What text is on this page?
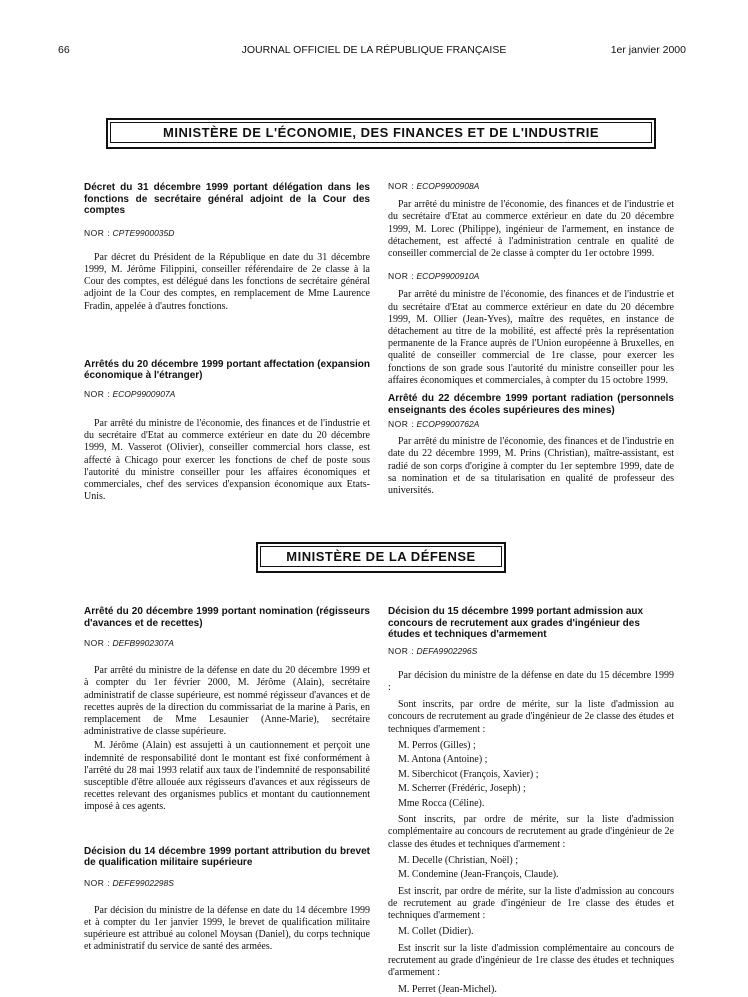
66	JOURNAL OFFICIEL DE LA RÉPUBLIQUE FRANÇAISE	1er janvier 2000
MINISTÈRE DE L'ÉCONOMIE, DES FINANCES ET DE L'INDUSTRIE

Décret du 31 décembre 1999 portant délégation dans les fonctions de secrétaire général adjoint de la Cour des comptes

NOR : CPTE9900035D

Par décret du Président de la République en date du 31 décembre 1999, M. Jérôme Filippini, conseiller référendaire de 2e classe à la Cour des comptes, est délégué dans les fonctions de secrétaire général adjoint de la Cour des comptes, en remplacement de Mme Laurence Fradin, appelée à d'autres fonctions.

Arrêtés du 20 décembre 1999 portant affectation (expansion économique à l'étranger)

NOR : ECOP9900907A

Par arrêté du ministre de l'économie, des finances et de l'industrie et du secrétaire d'Etat au commerce extérieur en date du 20 décembre 1999, M. Vasserot (Olivier), conseiller commercial hors classe, est affecté à Chicago pour exercer les fonctions de chef de poste sous l'autorité du ministre conseiller pour les affaires économiques et commerciales, chef des services d'expansion économique aux Etats-Unis.

NOR : ECOP9900908A

Par arrêté du ministre de l'économie, des finances et de l'industrie et du secrétaire d'Etat au commerce extérieur en date du 20 décembre 1999, M. Lorec (Philippe), ingénieur de l'armement, en instance de détachement, est affecté à l'administration centrale en qualité de conseiller commercial de 2e classe à compter du 1er octobre 1999.

NOR : ECOP9900910A

Par arrêté du ministre de l'économie, des finances et de l'industrie et du secrétaire d'Etat au commerce extérieur en date du 20 décembre 1999, M. Ollier (Jean-Yves), maître des requêtes, en instance de détachement au titre de la mobilité, est affecté près la représentation permanente de la France auprès de l'Union européenne à Bruxelles, en qualité de conseiller commercial de 1re classe, pour exercer les fonctions de son grade sous l'autorité du ministre conseiller pour les affaires économiques et commerciales, à compter du 15 octobre 1999.

Arrêté du 22 décembre 1999 portant radiation (personnels enseignants des écoles supérieures des mines)

NOR : ECOP9900762A

Par arrêté du ministre de l'économie, des finances et de l'industrie en date du 22 décembre 1999, M. Prins (Christian), maître-assistant, est radié de son corps d'origine à compter du 1er septembre 1999, date de sa nomination et de sa titularisation en qualité de professeur des universités.

MINISTÈRE DE LA DÉFENSE

Arrêté du 20 décembre 1999 portant nomination (régisseurs d'avances et de recettes)

NOR : DEFB9902307A

Par arrêté du ministre de la défense en date du 20 décembre 1999 et à compter du 1er février 2000, M. Jérôme (Alain), secrétaire administratif de classe supérieure, est nommé régisseur d'avances et de recettes auprès de la direction du commissariat de la marine à Paris, en remplacement de Mme Lesaunier (Anne-Marie), secrétaire administrative de classe supérieure.

M. Jérôme (Alain) est assujetti à un cautionnement et perçoit une indemnité de responsabilité dont le montant est fixé conformément à l'arrêté du 28 mai 1993 relatif aux taux de l'indemnité de responsabilité susceptible d'être allouée aux régisseurs d'avances et aux régisseurs de recettes relevant des organismes publics et montant du cautionnement imposé à ces agents.

Décision du 14 décembre 1999 portant attribution du brevet de qualification militaire supérieure

NOR : DEFE9902298S

Par décision du ministre de la défense en date du 14 décembre 1999 et à compter du 1er janvier 1999, le brevet de qualification militaire supérieure est attribué au colonel Moysan (Daniel), du corps technique et administratif du service de santé des armées.

Décision du 15 décembre 1999 portant admission aux concours de recrutement aux grades d'ingénieur des études et techniques d'armement

NOR : DEFA9902296S

Par décision du ministre de la défense en date du 15 décembre 1999 :

Sont inscrits, par ordre de mérite, sur la liste d'admission au concours de recrutement au grade d'ingénieur de 2e classe des études et techniques d'armement :

M. Perros (Gilles) ;

M. Antona (Antoine) ;

M. Siberchicot (François, Xavier) ;

M. Scherrer (Frédéric, Joseph) ;

Mme Rocca (Céline).

Sont inscrits, par ordre de mérite, sur la liste d'admission complémentaire au concours de recrutement au grade d'ingénieur de 2e classe des études et techniques d'armement :

M. Decelle (Christian, Noël) ;

M. Condemine (Jean-François, Claude).

Est inscrit, par ordre de mérite, sur la liste d'admission au concours de recrutement au grade d'ingénieur de 1re classe des études et techniques d'armement :

M. Collet (Didier).

Est inscrit sur la liste d'admission complémentaire au concours de recrutement au grade d'ingénieur de 1re classe des études et techniques d'armement :

M. Perret (Jean-Michel).
